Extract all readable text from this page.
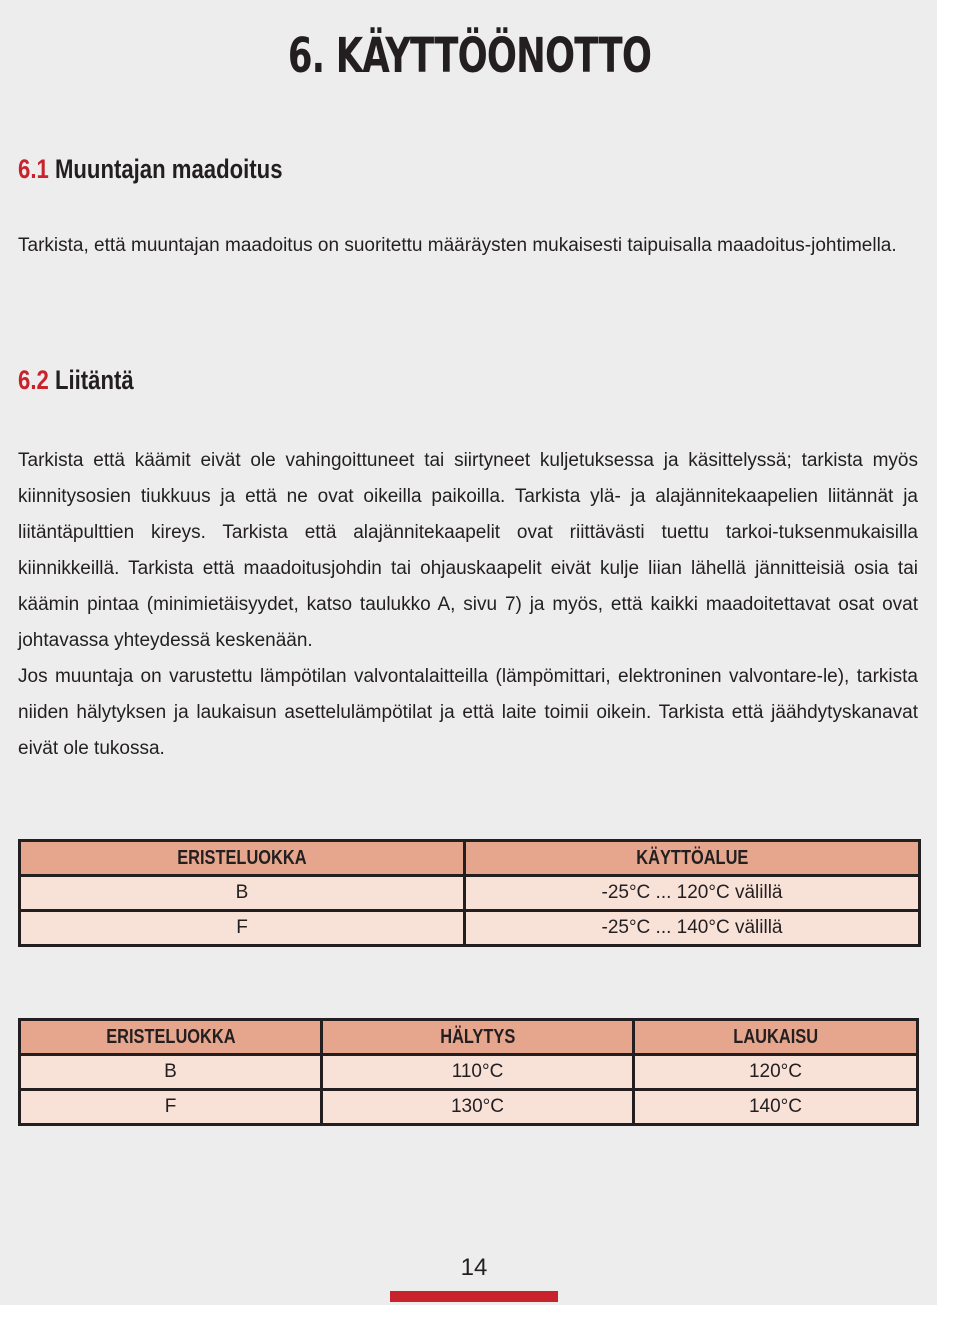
6. KÄYTTÖÖNOTTO
6.1 Muuntajan maadoitus

Tarkista, että muuntajan maadoitus on suoritettu määräysten mukaisesti taipuisalla maadoitus-johtimella.

6.2 Liitäntä

Tarkista että käämit eivät ole vahingoittuneet tai siirtyneet kuljetuksessa ja käsittelyssä; tarkista myös kiinnitysosien tiukkuus ja että ne ovat oikeilla paikoilla. Tarkista ylä- ja alajännitekaapelien liitännät ja liitäntäpulttien kireys. Tarkista että alajännitekaapelit ovat riittävästi tuettu tarkoi-tuksenmukaisilla kiinnikkeillä. Tarkista että maadoitusjohdin tai ohjauskaapelit eivät kulje liian lähellä jännitteisiä osia tai käämin pintaa (minimietäisyydet, katso taulukko A, sivu 7) ja myös, että kaikki maadoitettavat osat ovat johtavassa yhteydessä keskenään.

Jos muuntaja on varustettu lämpötilan valvontalaitteilla (lämpömittari, elektroninen valvontare-le), tarkista niiden hälytyksen ja laukaisun asettelulämpötilat ja että laite toimii oikein. Tarkista että jäähdytyskanavat eivät ole tukossa.

ERISTELUOKKA	KÄYTTÖALUE
B	-25°C ... 120°C välillä
F	-25°C ... 140°C välillä
ERISTELUOKKA	HÄLYTYS	LAUKAISU
B	110°C	120°C
F	130°C	140°C

14
